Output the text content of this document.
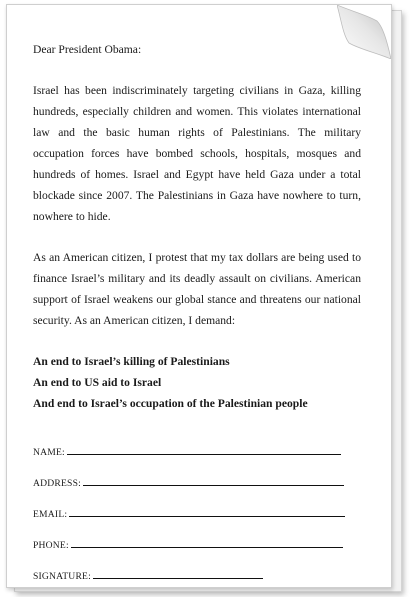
Dear President Obama:

Israel has been indiscriminately targeting civilians in Gaza, killing hundreds, especially children and women. This violates international law and the basic human rights of Palestinians. The military occupation forces have bombed schools, hospitals, mosques and hundreds of homes. Israel and Egypt have held Gaza under a total blockade since 2007. The Palestinians in Gaza have nowhere to turn, nowhere to hide.

As an American citizen, I protest that my tax dollars are being used to finance Israel’s military and its deadly assault on civilians. American support of Israel weakens our global stance and threatens our national security. As an American citizen, I demand:

An end to Israel’s killing of Palestinians
An end to US aid to Israel
And end to Israel’s occupation of the Palestinian people
NAME:
ADDRESS:
EMAIL:
PHONE:
SIGNATURE:
